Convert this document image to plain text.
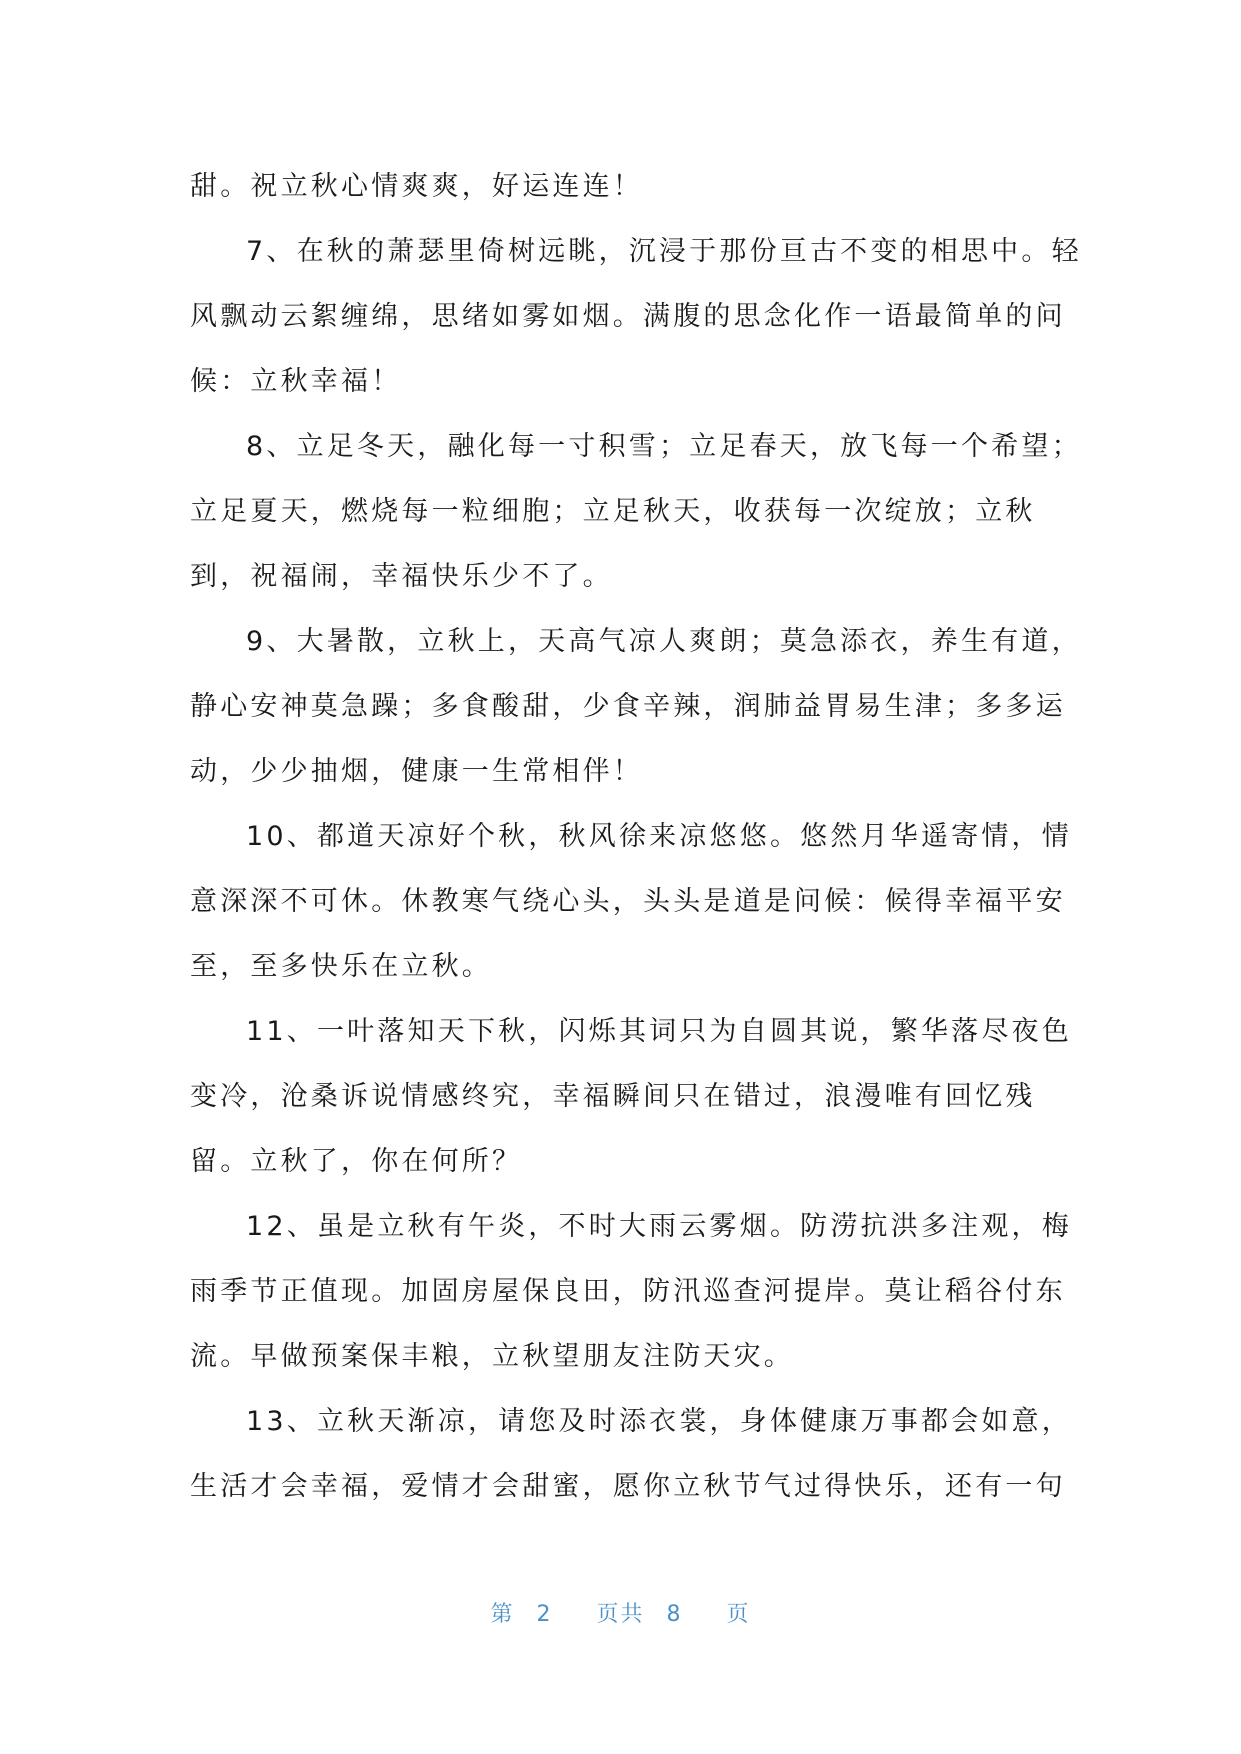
甜。祝立秋心情爽爽，好运连连！
7、在秋的萧瑟里倚树远眺，沉浸于那份亘古不变的相思中。轻
风飘动云絮缠绵，思绪如雾如烟。满腹的思念化作一语最简单的问
候：立秋幸福！
8、立足冬天，融化每一寸积雪；立足春天，放飞每一个希望；
立足夏天，燃烧每一粒细胞；立足秋天，收获每一次绽放；立秋
到，祝福闹，幸福快乐少不了。
9、大暑散，立秋上，天高气凉人爽朗；莫急添衣，养生有道，
静心安神莫急躁；多食酸甜，少食辛辣，润肺益胃易生津；多多运
动，少少抽烟，健康一生常相伴！
10、都道天凉好个秋，秋风徐来凉悠悠。悠然月华遥寄情，情
意深深不可休。休教寒气绕心头，头头是道是问候：候得幸福平安
至，至多快乐在立秋。
11、一叶落知天下秋，闪烁其词只为自圆其说，繁华落尽夜色
变冷，沧桑诉说情感终究，幸福瞬间只在错过，浪漫唯有回忆残
留。立秋了，你在何所？
12、虽是立秋有午炎，不时大雨云雾烟。防涝抗洪多注观，梅
雨季节正值现。加固房屋保良田，防汛巡查河提岸。莫让稻谷付东
流。早做预案保丰粮，立秋望朋友注防天灾。
13、立秋天渐凉，请您及时添衣裳，身体健康万事都会如意，
生活才会幸福，爱情才会甜蜜，愿你立秋节气过得快乐，还有一句
第 2 页共 8 页
